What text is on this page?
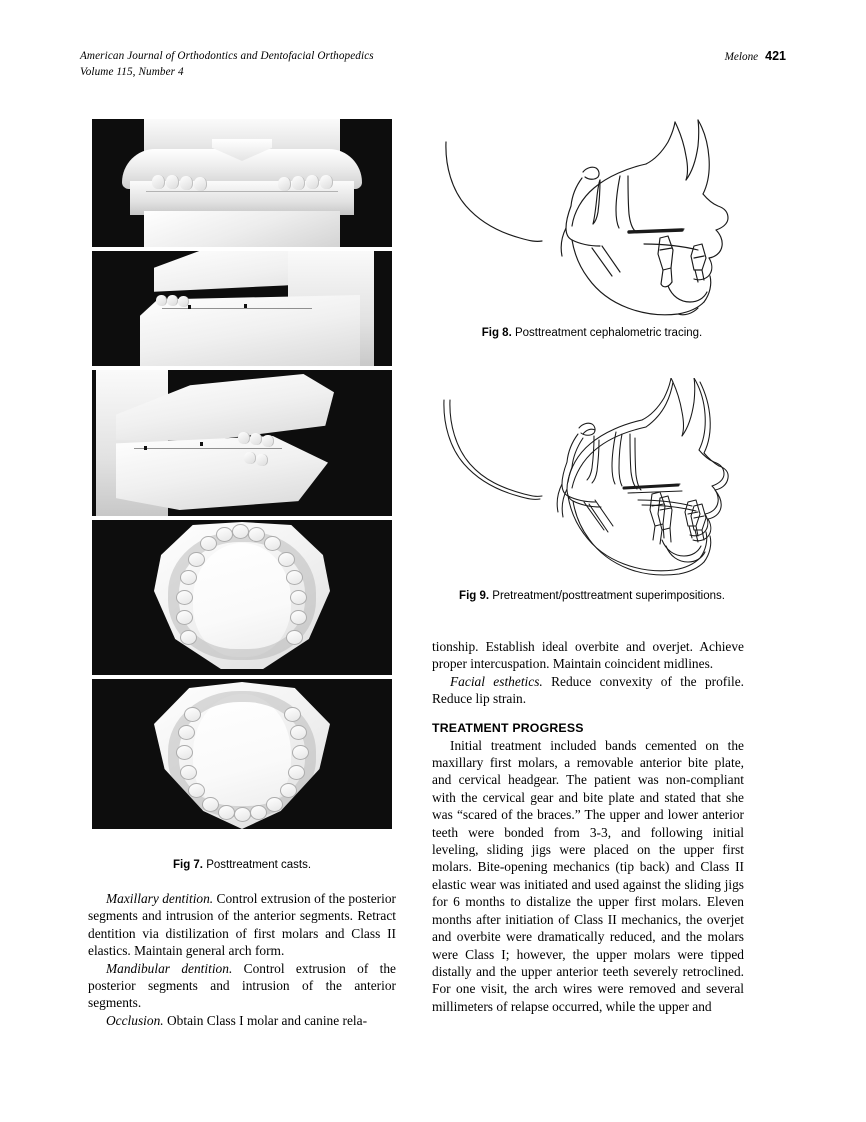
American Journal of Orthodontics and Dentofacial Orthopedics
Volume 115, Number 4
Melone 421
Fig 7. Posttreatment casts.
Fig 8. Posttreatment cephalometric tracing.
Fig 9. Pretreatment/posttreatment superimpositions.

Maxillary dentition. Control extrusion of the posterior segments and intrusion of the anterior segments. Retract dentition via distilization of first molars and Class II elastics. Maintain general arch form.

Mandibular dentition. Control extrusion of the posterior segments and intrusion of the anterior segments.

Occlusion. Obtain Class I molar and canine rela-

tionship. Establish ideal overbite and overjet. Achieve proper intercuspation. Maintain coincident midlines.

Facial esthetics. Reduce convexity of the profile. Reduce lip strain.

TREATMENT PROGRESS

Initial treatment included bands cemented on the maxillary first molars, a removable anterior bite plate, and cervical headgear. The patient was non-compliant with the cervical gear and bite plate and stated that she was “scared of the braces.” The upper and lower anterior teeth were bonded from 3-3, and following initial leveling, sliding jigs were placed on the upper first molars. Bite-opening mechanics (tip back) and Class II elastic wear was initiated and used against the sliding jigs for 6 months to distalize the upper first molars. Eleven months after initiation of Class II mechanics, the overjet and overbite were dramatically reduced, and the molars were Class I; however, the upper molars were tipped distally and the upper anterior teeth severely retroclined. For one visit, the arch wires were removed and several millimeters of relapse occurred, while the upper and
